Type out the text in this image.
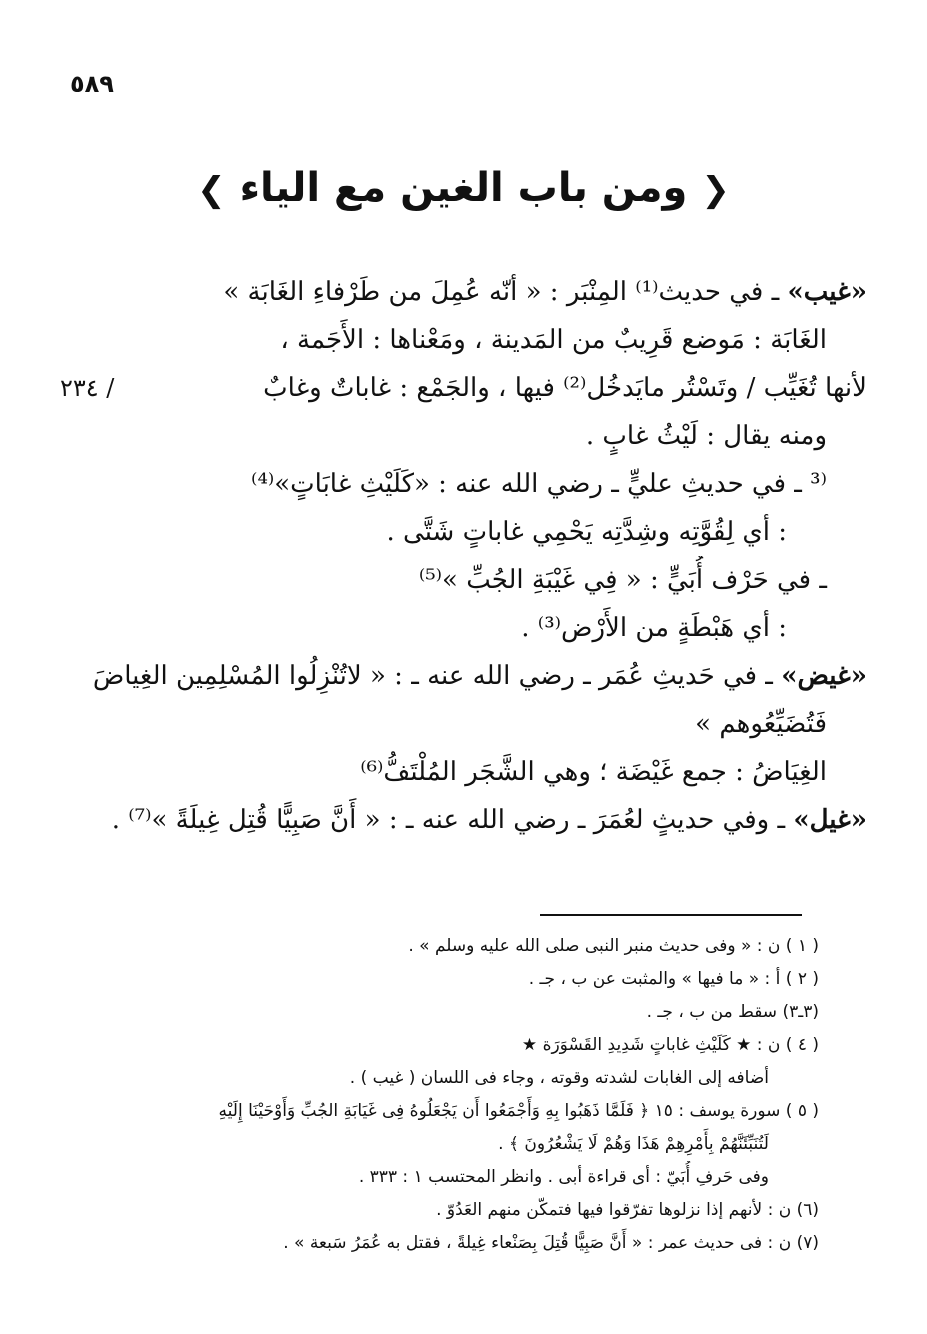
٥٨٩
❮ ومن باب الغين مع الياء ❯
«غيب» ـ في حديث⁽¹⁾ المِنْبَر : « أنّه عُمِلَ من طَرْفاءِ الغَابَة »
الغَابَة : مَوضع قَرِيبٌ من المَدينة ، ومَعْناها : الأَجَمة ،
٢٣٤ /	لأنها تُغَيِّب / وتَسْتُر مايَدخُل⁽²⁾ فيها ، والجَمْع : غاباتٌ وغابٌ
ومنه يقال : لَيْثُ غابٍ .
⁽³ ـ في حديثِ عليٍّ ـ رضي الله عنه : «كَلَيْثِ غابَاتٍ»⁽⁴⁾
: أي لِقُوَّتِه وشِدَّتِه يَحْمِي غاباتٍ شَتَّى .
ـ في حَرْف أُبَيٍّ : « فِي غَيْبَةِ الجُبِّ »⁽⁵⁾
: أي هَبْطَةٍ من الأَرْض⁽³⁾ .
«غيض» ـ في حَديثِ عُمَر ـ رضي الله عنه ـ : « لاتُنْزِلُوا المُسْلِمِين الغِياضَ
فَتُضَيِّعُوهم »
الغِيَاضُ : جمع غَيْضَة ؛ وهي الشَّجَر المُلْتَفُّ⁽⁶⁾
«غيل» ـ وفي حديثٍ لعُمَرَ ـ رضي الله عنه ـ : « أَنَّ صَبِيًّا قُتِل غِيلَةً »⁽⁷⁾ .
( ١ ) ن : « وفى حديث منبر النبى صلى الله عليه وسلم » .
( ٢ ) أ : « ما فيها » والمثبت عن ب ، جـ .
(٣ـ٣) سقط من ب ، جـ .
( ٤ ) ن : ★ كَلَيْثِ غاباتٍ شَدِيدِ القَسْوَرَة ★
أضافه إلى الغابات لشدته وقوته ، وجاء فى اللسان ( غيب ) .
( ٥ ) سورة يوسف : ١٥ ﴿ فَلَمَّا ذَهَبُوا بِهِ وَأَجْمَعُوا أَن يَجْعَلُوهُ فِى غَيَابَةِ الجُبِّ وَأَوْحَيْنَا إِلَيْهِ
لَتُنَبِّئَنَّهُمْ بِأَمْرِهِمْ هَذَا وَهُمْ لَا يَشْعُرُونَ ﴾ .
وفى حَرفِ أُبَيّ : أى قراءة أبى . وانظر المحتسب ١ : ٣٣٣ .
(٦) ن : لأنهم إذا نزلوها تفرّقوا فيها فتمكّن منهم العَدُوّ .
(٧) ن : فى حديث عمر : « أَنَّ صَبِيًّا قُتِلَ بِصَنْعاء غِيلةً ، فقتل به عُمَرُ سَبعة » .
